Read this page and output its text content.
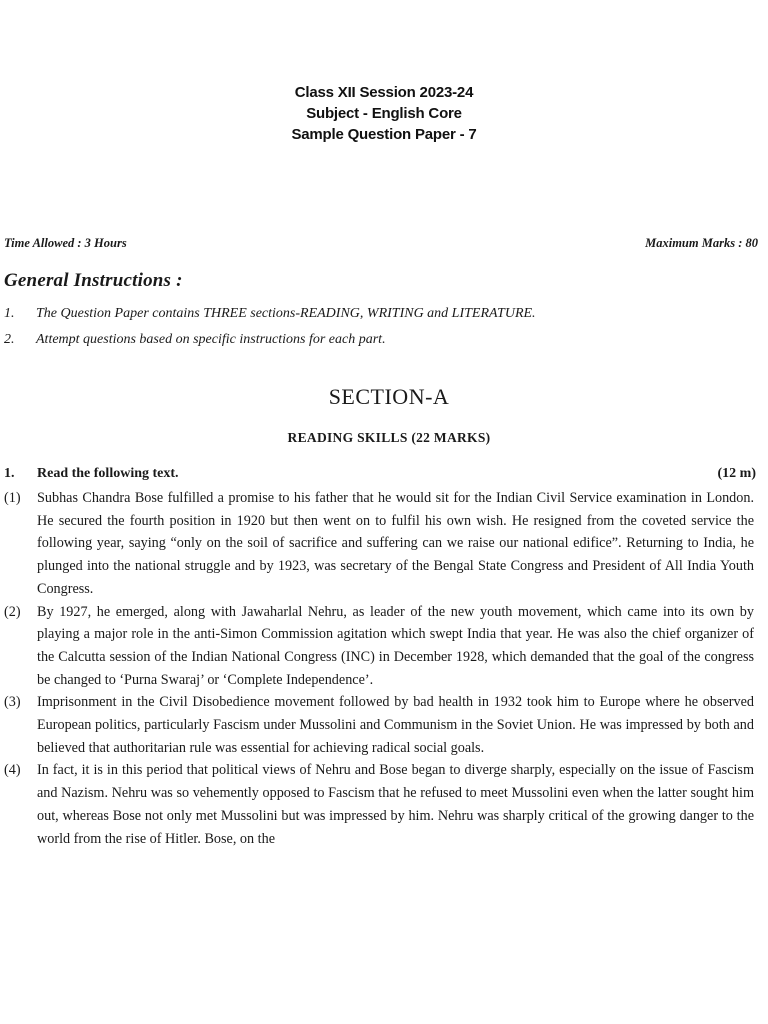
Class XII Session 2023-24
Subject - English Core
Sample Question Paper - 7
Time Allowed : 3 Hours	Maximum Marks : 80
General Instructions :
1.	The Question Paper contains THREE sections-READING, WRITING and LITERATURE.
2.	Attempt questions based on specific instructions for each part.
SECTION-A
READING SKILLS (22 MARKS)
1.	Read the following text.	(12 m)
(1)	Subhas Chandra Bose fulfilled a promise to his father that he would sit for the Indian Civil Service examination in London. He secured the fourth position in 1920 but then went on to fulfil his own wish. He resigned from the coveted service the following year, saying “only on the soil of sacrifice and suffering can we raise our national edifice”. Returning to India, he plunged into the national struggle and by 1923, was secretary of the Bengal State Congress and President of All India Youth Congress.
(2)	By 1927, he emerged, along with Jawaharlal Nehru, as leader of the new youth movement, which came into its own by playing a major role in the anti-Simon Commission agitation which swept India that year. He was also the chief organizer of the Calcutta session of the Indian National Congress (INC) in December 1928, which demanded that the goal of the congress be changed to ‘Purna Swaraj’ or ‘Complete Independence’.
(3)	Imprisonment in the Civil Disobedience movement followed by bad health in 1932 took him to Europe where he observed European politics, particularly Fascism under Mussolini and Communism in the Soviet Union. He was impressed by both and believed that authoritarian rule was essential for achieving radical social goals.
(4)	In fact, it is in this period that political views of Nehru and Bose began to diverge sharply, especially on the issue of Fascism and Nazism. Nehru was so vehemently opposed to Fascism that he refused to meet Mussolini even when the latter sought him out, whereas Bose not only met Mussolini but was impressed by him. Nehru was sharply critical of the growing danger to the world from the rise of Hitler. Bose, on the
